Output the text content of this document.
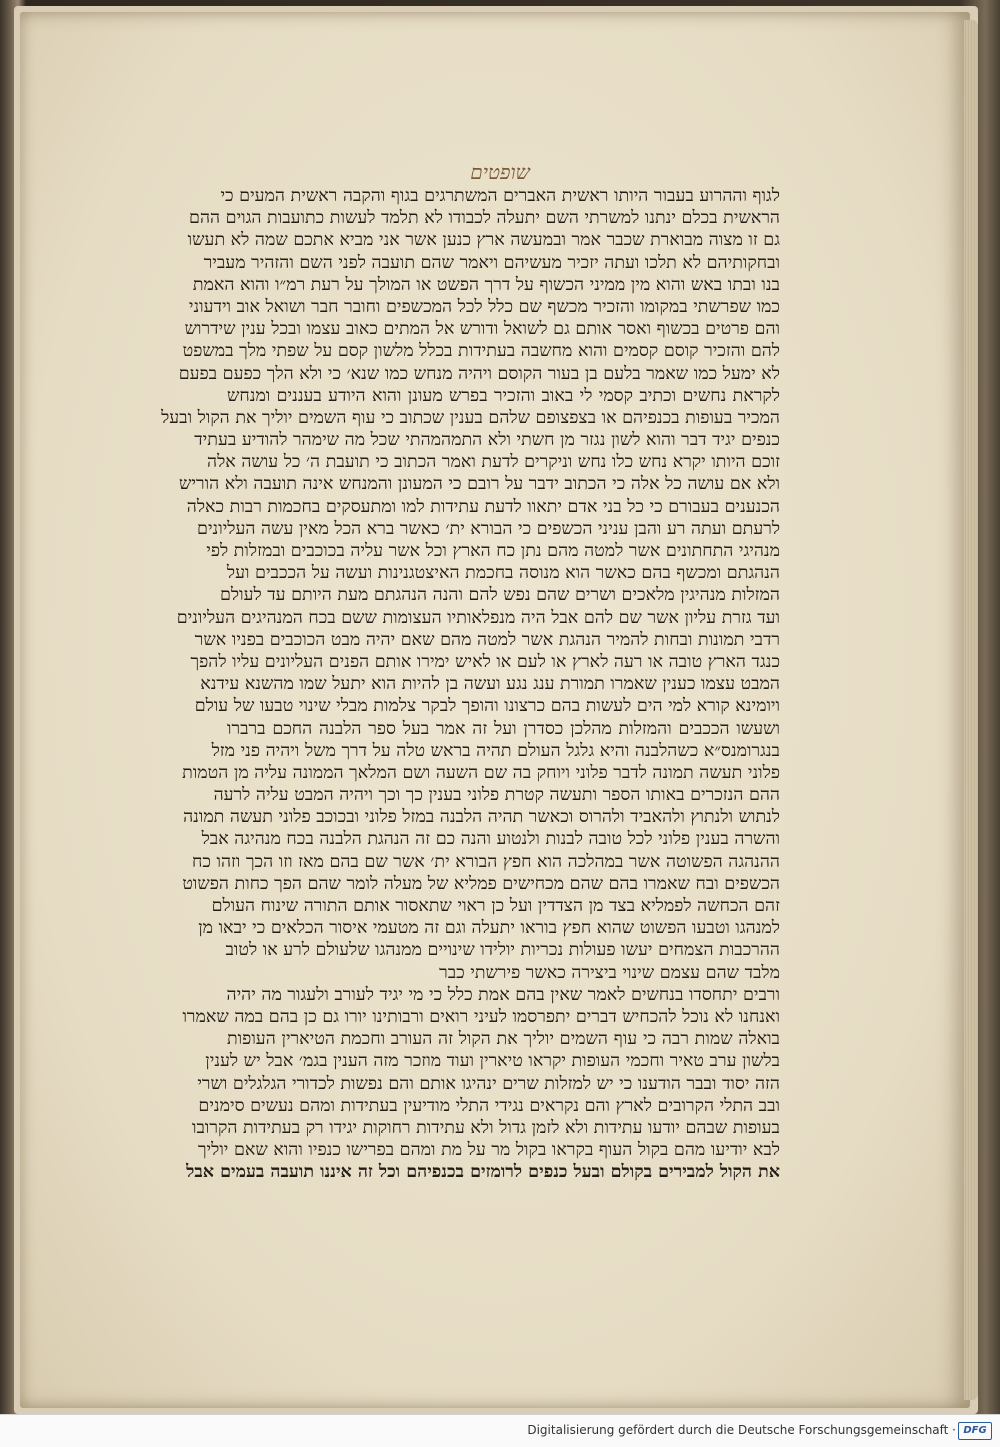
שופטים
לגוף וההרוע בעבור היותו ראשית האברים המשתרגים בגוף והקבה ראשית המעים כי
הראשית בכלם ינתנו למשרתי השם יתעלה לכבודו לא תלמד לעשות כתועבות הגוים ההם
גם זו מצוה מבוארת שכבר אמר ובמעשה ארץ כנען אשר אני מביא אתכם שמה לא תעשו
ובחקותיהם לא תלכו ועתה יזכיר מעשיהם ויאמר שהם תועבה לפני השם והזהיר מעביר
בנו ובתו באש והוא מין ממיני הכשוף על דרך הפשט או המולך על רעת רמ״ו והוא האמת
כמו שפרשתי במקומו והזכיר מכשף שם כלל לכל המכשפים וחובר חבר ושואל אוב וידעוני
והם פרטים בכשוף ואסר אותם גם לשואל ודורש אל המתים כאוב עצמו ובכל ענין שידרוש
להם והזכיר קוסם קסמים והוא מחשבה בעתידות בכלל מלשון קסם על שפתי מלך במשפט
לא ימעל כמו שאמר בלעם בן בעור הקוסם ויהיה מנחש כמו שנא׳ כי ולא הלך כפעם בפעם
לקראת נחשים וכתיב קסמי לי באוב והזכיר בפרש מעונן והוא היודע בעננים ומנחש
המכיר בעופות בכנפיהם או בצפצופם שלהם בענין שכתוב כי עוף השמים יוליך את הקול ובעל
כנפים יגיד דבר והוא לשון נגזר מן חשתי ולא התמהמהתי שכל מה שימהר להודיע בעתיד
זוכם היותו יקרא נחש כלו נחש וניקרים לדעת ואמר הכתוב כי תועבת ה׳ כל עושה אלה
ולא אם עושה כל אלה כי הכתוב ידבר על רובם כי המעונן והמנחש אינה תועבה ולא הוריש
הכנענים בעבורם כי כל בני אדם יתאוו לדעת עתידות למו ומתעסקים בחכמות רבות כאלה
לרעתם ועתה רע והבן עניני הכשפים כי הבורא ית׳ כאשר ברא הכל מאין עשה העליונים
מנהיגי התחתונים אשר למטה מהם נתן כח הארץ וכל אשר עליה בכוכבים ובמזלות לפי
הנהגתם ומכשף בהם כאשר הוא מנוסה בחכמת האיצטגנינות ועשה על הככבים ועל
המזלות מנהיגין מלאכים ושרים שהם נפש להם והנה הנהגתם מעת היותם עד לעולם
ועד גזרת עליון אשר שם להם אבל היה מנפלאותיו העצומות ששם בכח המנהיגים העליונים
רדבי תמונות ובחות להמיר הנהגת אשר למטה מהם שאם יהיה מבט הכוכבים בפניו אשר
כנגד הארץ טובה או רעה לארץ או לעם או לאיש ימירו אותם הפנים העליונים עליו להפך
המבט עצמו כענין שאמרו תמורת ענג נגע ועשה בן להיות הוא יתעל שמו מהשנא עידנא
ויומינא קורא למי הים לעשות בהם כרצונו והופך לבקר צלמות מבלי שינוי טבעו של עולם
ושעשו הככבים והמזלות מהלכן כסדרן ועל זה אמר בעל ספר הלבנה החכם ברברו
בנגרומנס״א כשהלבנה והיא גלגל העולם תהיה בראש טלה על דרך משל ויהיה פני מזל
פלוני תעשה תמונה לדבר פלוני ויוחק בה שם השעה ושם המלאך הממונה עליה מן הטמות
ההם הנזכרים באותו הספר ותעשה קטרת פלוני בענין כך וכך ויהיה המבט עליה לרעה
לנתוש ולנתוץ ולהאביד ולהרוס וכאשר תהיה הלבנה במזל פלוני ובכוכב פלוני תעשה תמונה
והשרה בענין פלוני לכל טובה לבנות ולנטוע והנה כם זה הנהגת הלבנה בכח מנהיגה אבל
ההנהגה הפשוטה אשר במהלכה הוא חפץ הבורא ית׳ אשר שם בהם מאז וזו הכך וזהו כח
הכשפים ובח שאמרו בהם שהם מכחישים פמליא של מעלה לומר שהם הפך כחות הפשוט
זהם הכחשה לפמליא בצד מן הצדדין ועל כן ראוי שתאסור אותם התורה שינוח העולם
למנהגו וטבעו הפשוט שהוא חפץ בוראו יתעלה וגם זה מטעמי איסור הכלאים כי יבאו מן
ההרכבות הצמחים יעשו פעולות נכריות יולידו שינויים ממנהגו שלעולם לרע או לטוב
מלבד שהם עצמם שינוי ביצירה כאשר פירשתי כבר
ורבים יתחסדו בנחשים לאמר שאין בהם אמת כלל כי מי יגיד לעורב ולעגור מה יהיה
ואנחנו לא נוכל להכחיש דברים יתפרסמו לעיני רואים ורבותינו יורו גם כן בהם במה שאמרו
בואלה שמות רבה כי עוף השמים יוליך את הקול זה העורב וחכמת הטיארין העופות
בלשון ערב טאיר וחכמי העופות יקראו טיארין ועוד מוזכר מזה הענין בגמ׳ אבל יש לענין
הזה יסוד ובבר הודענו כי יש למזלות שרים ינהיגו אותם והם נפשות לכדורי הגלגלים ושרי
ובב התלי הקרובים לארץ והם נקראים נגידי התלי מודיעין בעתידות ומהם נעשים סימנים
בעופות שבהם יודעו עתידות ולא לזמן גדול ולא עתידות רחוקות יגידו רק בעתידות הקרובו
לבא יודיעו מהם בקול העוף בקראו בקול מר על מת ומהם בפרישו כנפיו והוא שאם יוליך
את הקול למבירים בקולם ובעל כנפים לרומזים בכנפיהם וכל זה איננו תועבה בעמים אבל
Digitalisierung gefördert durch die Deutsche Forschungsgemeinschaft · DFG
